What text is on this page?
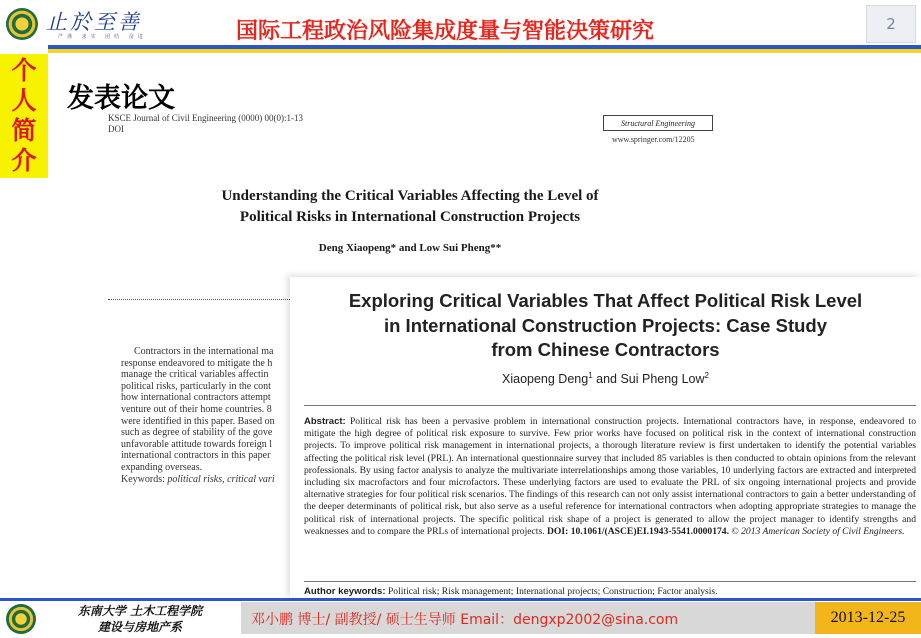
止於至善
严谨 求实 团结 奋进	国际工程政治风险集成度量与智能决策研究	2
个
人
简
介
发表论文
KSCE Journal of Civil Engineering (0000) 00(0):1-13
DOI
Structural Engineering
www.springer.com/12205
Understanding the Critical Variables Affecting the Level of
Political Risks in International Construction Projects
Deng Xiaopeng* and Low Sui Pheng**

Contractors in the international ma

response endeavored to mitigate the h

manage the critical variables affectin

political risks, particularly in the cont

how international contractors attempt

venture out of their home countries. 8

were identified in this paper. Based on

such as degree of stability of the gove

unfavorable attitude towards foreign l

international contractors in this paper

expanding overseas.

Keywords: political risks, critical vari

Exploring Critical Variables That Affect Political Risk Level
in International Construction Projects: Case Study
from Chinese Contractors
Xiaopeng Deng$^1$ and Sui Pheng Low$^2$
Abstract: Political risk has been a pervasive problem in international construction projects. International contractors have, in response, endeavored to mitigate the high degree of political risk exposure to survive. Few prior works have focused on political risk in the context of international construction projects. To improve political risk management in international projects, a thorough literature review is first undertaken to identify the potential variables affecting the political risk level (PRL). An international questionnaire survey that included 85 variables is then conducted to obtain opinions from the relevant professionals. By using factor analysis to analyze the multivariate interrelationships among those variables, 10 underlying factors are extracted and interpreted including six macrofactors and four microfactors. These underlying factors are used to evaluate the PRL of six ongoing international projects and provide alternative strategies for four political risk scenarios. The findings of this research can not only assist international contractors to gain a better understanding of the deeper determinants of political risk, but also serve as a useful reference for international contractors when adopting appropriate strategies to manage the political risk of international projects. The specific political risk shape of a project is generated to allow the project manager to identify strengths and weaknesses and to compare the PRLs of international projects. DOI: 10.1061/(ASCE)EI.1943-5541.0000174. © 2013 American Society of Civil Engineers.
Author keywords: Political risk; Risk management; International projects; Construction; Factor analysis.
东南大学 土木工程学院
建设与房地产系	邓小鹏 博士/ 副教授/ 硕士生导师 Email：dengxp2002@sina.com	2013-12-25
